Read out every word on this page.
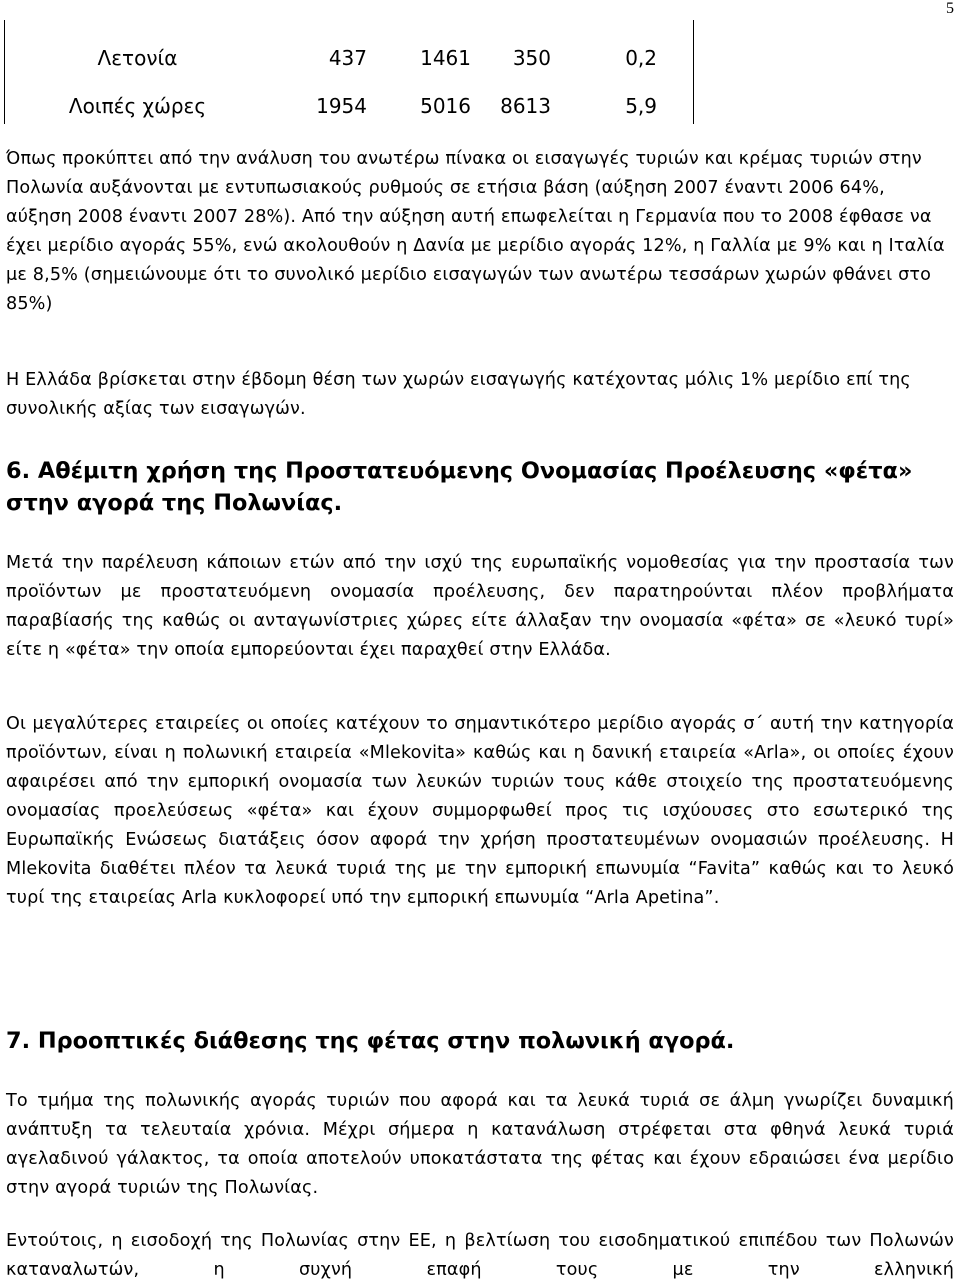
5
Λετονία	437	1461	350	0,2
Λοιπές χώρες	1954	5016	8613	5,9

Όπως προκύπτει από την ανάλυση του ανωτέρω πίνακα οι εισαγωγές τυριών και κρέμας τυριών στην Πολωνία αυξάνονται με εντυπωσιακούς ρυθμούς σε ετήσια βάση (αύξηση 2007 έναντι 2006 64%, αύξηση 2008 έναντι 2007 28%). Από την αύξηση αυτή επωφελείται η Γερμανία που το 2008 έφθασε να έχει μερίδιο αγοράς 55%, ενώ ακολουθούν η Δανία με μερίδιο αγοράς 12%, η Γαλλία με 9% και η Ιταλία με 8,5% (σημειώνουμε ότι το συνολικό μερίδιο εισαγωγών των ανωτέρω τεσσάρων χωρών φθάνει στο 85%)

Η Ελλάδα βρίσκεται στην έβδομη θέση των χωρών εισαγωγής κατέχοντας μόλις 1% μερίδιο επί της συνολικής αξίας των εισαγωγών.

6. Αθέμιτη χρήση της Προστατευόμενης Ονομασίας Προέλευσης «φέτα» στην αγορά της Πολωνίας.

Μετά την παρέλευση κάποιων ετών από την ισχύ της ευρωπαϊκής νομοθεσίας για την προστασία των προϊόντων με προστατευόμενη ονομασία προέλευσης, δεν παρατηρούνται πλέον προβλήματα παραβίασής της καθώς οι ανταγωνίστριες χώρες είτε άλλαξαν την ονομασία «φέτα» σε «λευκό τυρί» είτε η «φέτα» την οποία εμπορεύονται έχει παραχθεί στην Ελλάδα.

Οι μεγαλύτερες εταιρείες οι οποίες κατέχουν το σημαντικότερο μερίδιο αγοράς σ΄ αυτή την κατηγορία προϊόντων, είναι η πολωνική εταιρεία «Mlekovita» καθώς και η δανική εταιρεία «Arla», οι οποίες έχουν αφαιρέσει από την εμπορική ονομασία των λευκών τυριών τους κάθε στοιχείο της προστατευόμενης ονομασίας προελεύσεως «φέτα» και έχουν συμμορφωθεί προς τις ισχύουσες στο εσωτερικό της Ευρωπαϊκής Ενώσεως διατάξεις όσον αφορά την χρήση προστατευμένων ονομασιών προέλευσης. Η Mlekovita διαθέτει πλέον τα λευκά τυριά της με την εμπορική επωνυμία “Favita” καθώς και το λευκό τυρί της εταιρείας Arla κυκλοφορεί υπό την εμπορική επωνυμία “Arla Apetina”.

7. Προοπτικές διάθεσης της φέτας στην πολωνική αγορά.

Το τμήμα της πολωνικής αγοράς τυριών που αφορά και τα λευκά τυριά σε άλμη γνωρίζει δυναμική ανάπτυξη τα τελευταία χρόνια. Μέχρι σήμερα η κατανάλωση στρέφεται στα φθηνά λευκά τυριά αγελαδινού γάλακτος, τα οποία αποτελούν υποκατάστατα της φέτας και έχουν εδραιώσει ένα μερίδιο στην αγορά τυριών της Πολωνίας.

Εντούτοις, η εισοδοχή της Πολωνίας στην ΕΕ, η βελτίωση του εισοδηματικού επιπέδου των Πολωνών καταναλωτών, η συχνή επαφή τους με την ελληνική
